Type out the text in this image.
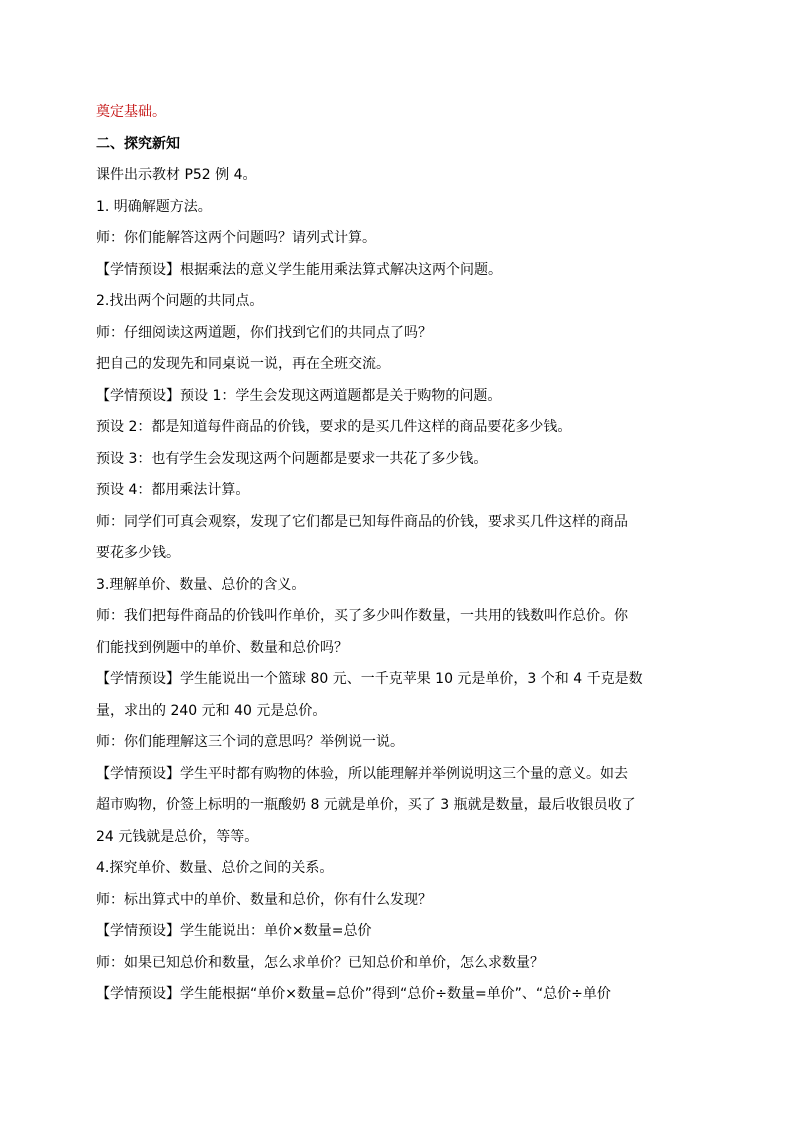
奠定基础。
二、探究新知
课件出示教材 P52 例 4。
1. 明确解题方法。
师：你们能解答这两个问题吗？请列式计算。
【学情预设】根据乘法的意义学生能用乘法算式解决这两个问题。
2.找出两个问题的共同点。
师：仔细阅读这两道题，你们找到它们的共同点了吗？
把自己的发现先和同桌说一说，再在全班交流。
【学情预设】预设 1：学生会发现这两道题都是关于购物的问题。
预设 2：都是知道每件商品的价钱，要求的是买几件这样的商品要花多少钱。
预设 3：也有学生会发现这两个问题都是要求一共花了多少钱。
预设 4：都用乘法计算。
师：同学们可真会观察，发现了它们都是已知每件商品的价钱，要求买几件这样的商品
要花多少钱。
3.理解单价、数量、总价的含义。
师：我们把每件商品的价钱叫作单价，买了多少叫作数量，一共用的钱数叫作总价。你
们能找到例题中的单价、数量和总价吗？
【学情预设】学生能说出一个篮球 80 元、一千克苹果 10 元是单价，3 个和 4 千克是数
量，求出的 240 元和 40 元是总价。
师：你们能理解这三个词的意思吗？举例说一说。
【学情预设】学生平时都有购物的体验，所以能理解并举例说明这三个量的意义。如去
超市购物，价签上标明的一瓶酸奶 8 元就是单价，买了 3 瓶就是数量，最后收银员收了
24 元钱就是总价，等等。
4.探究单价、数量、总价之间的关系。
师：标出算式中的单价、数量和总价，你有什么发现？
【学情预设】学生能说出：单价×数量=总价
师：如果已知总价和数量，怎么求单价？已知总价和单价，怎么求数量？
【学情预设】学生能根据“单价×数量=总价”得到“总价÷数量=单价”、“总价÷单价
